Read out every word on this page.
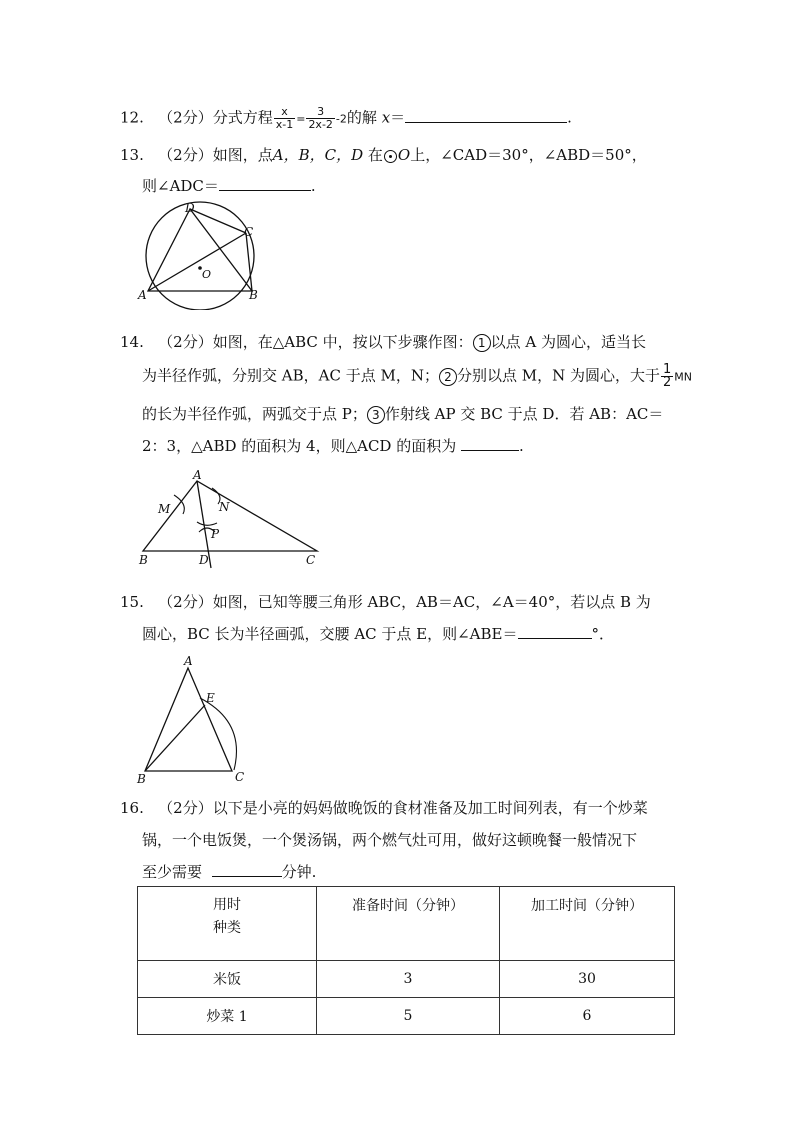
12. （2分）分式方程 $\frac{x}{x-1} = \frac{3}{2x-2} -2$的解 x＝	.
13. （2分）如图，点A，B，C，D 在 O上，∠CAD＝30°，∠ABD＝50°，
则∠ADC＝	.
D
C
A	B
O
14. （2分）如图，在△ABC 中，按以下步骤作图： 1 以点 A 为圆心，适当长
为半径作弧，分别交 AB，AC 于点 M，N； 2 分别以点 M，N 为圆心，大于 $\frac{1}{2}$ MN
的长为半径作弧，两弧交于点 P； 3 作射线 AP 交 BC 于点 D．若 AB：AC＝
2：3，△ABD 的面积为 4，则△ACD 的面积为	.
A
M	N
P
B	D	C
15. （2分）如图，已知等腰三角形 ABC，AB＝AC，∠A＝40°，若以点 B 为
圆心，BC 长为半径画弧，交腰 AC 于点 E，则∠ABE＝	°．
A
E
B	C
16. （2分）以下是小亮的妈妈做晚饭的食材准备及加工时间列表，有一个炒菜
锅，一个电饭煲，一个煲汤锅，两个燃气灶可用，做好这顿晚餐一般情况下
至少需要	分钟.
用时
种类	准备时间（分钟）	加工时间（分钟）
米饭	3	30
炒菜 1	5	6
